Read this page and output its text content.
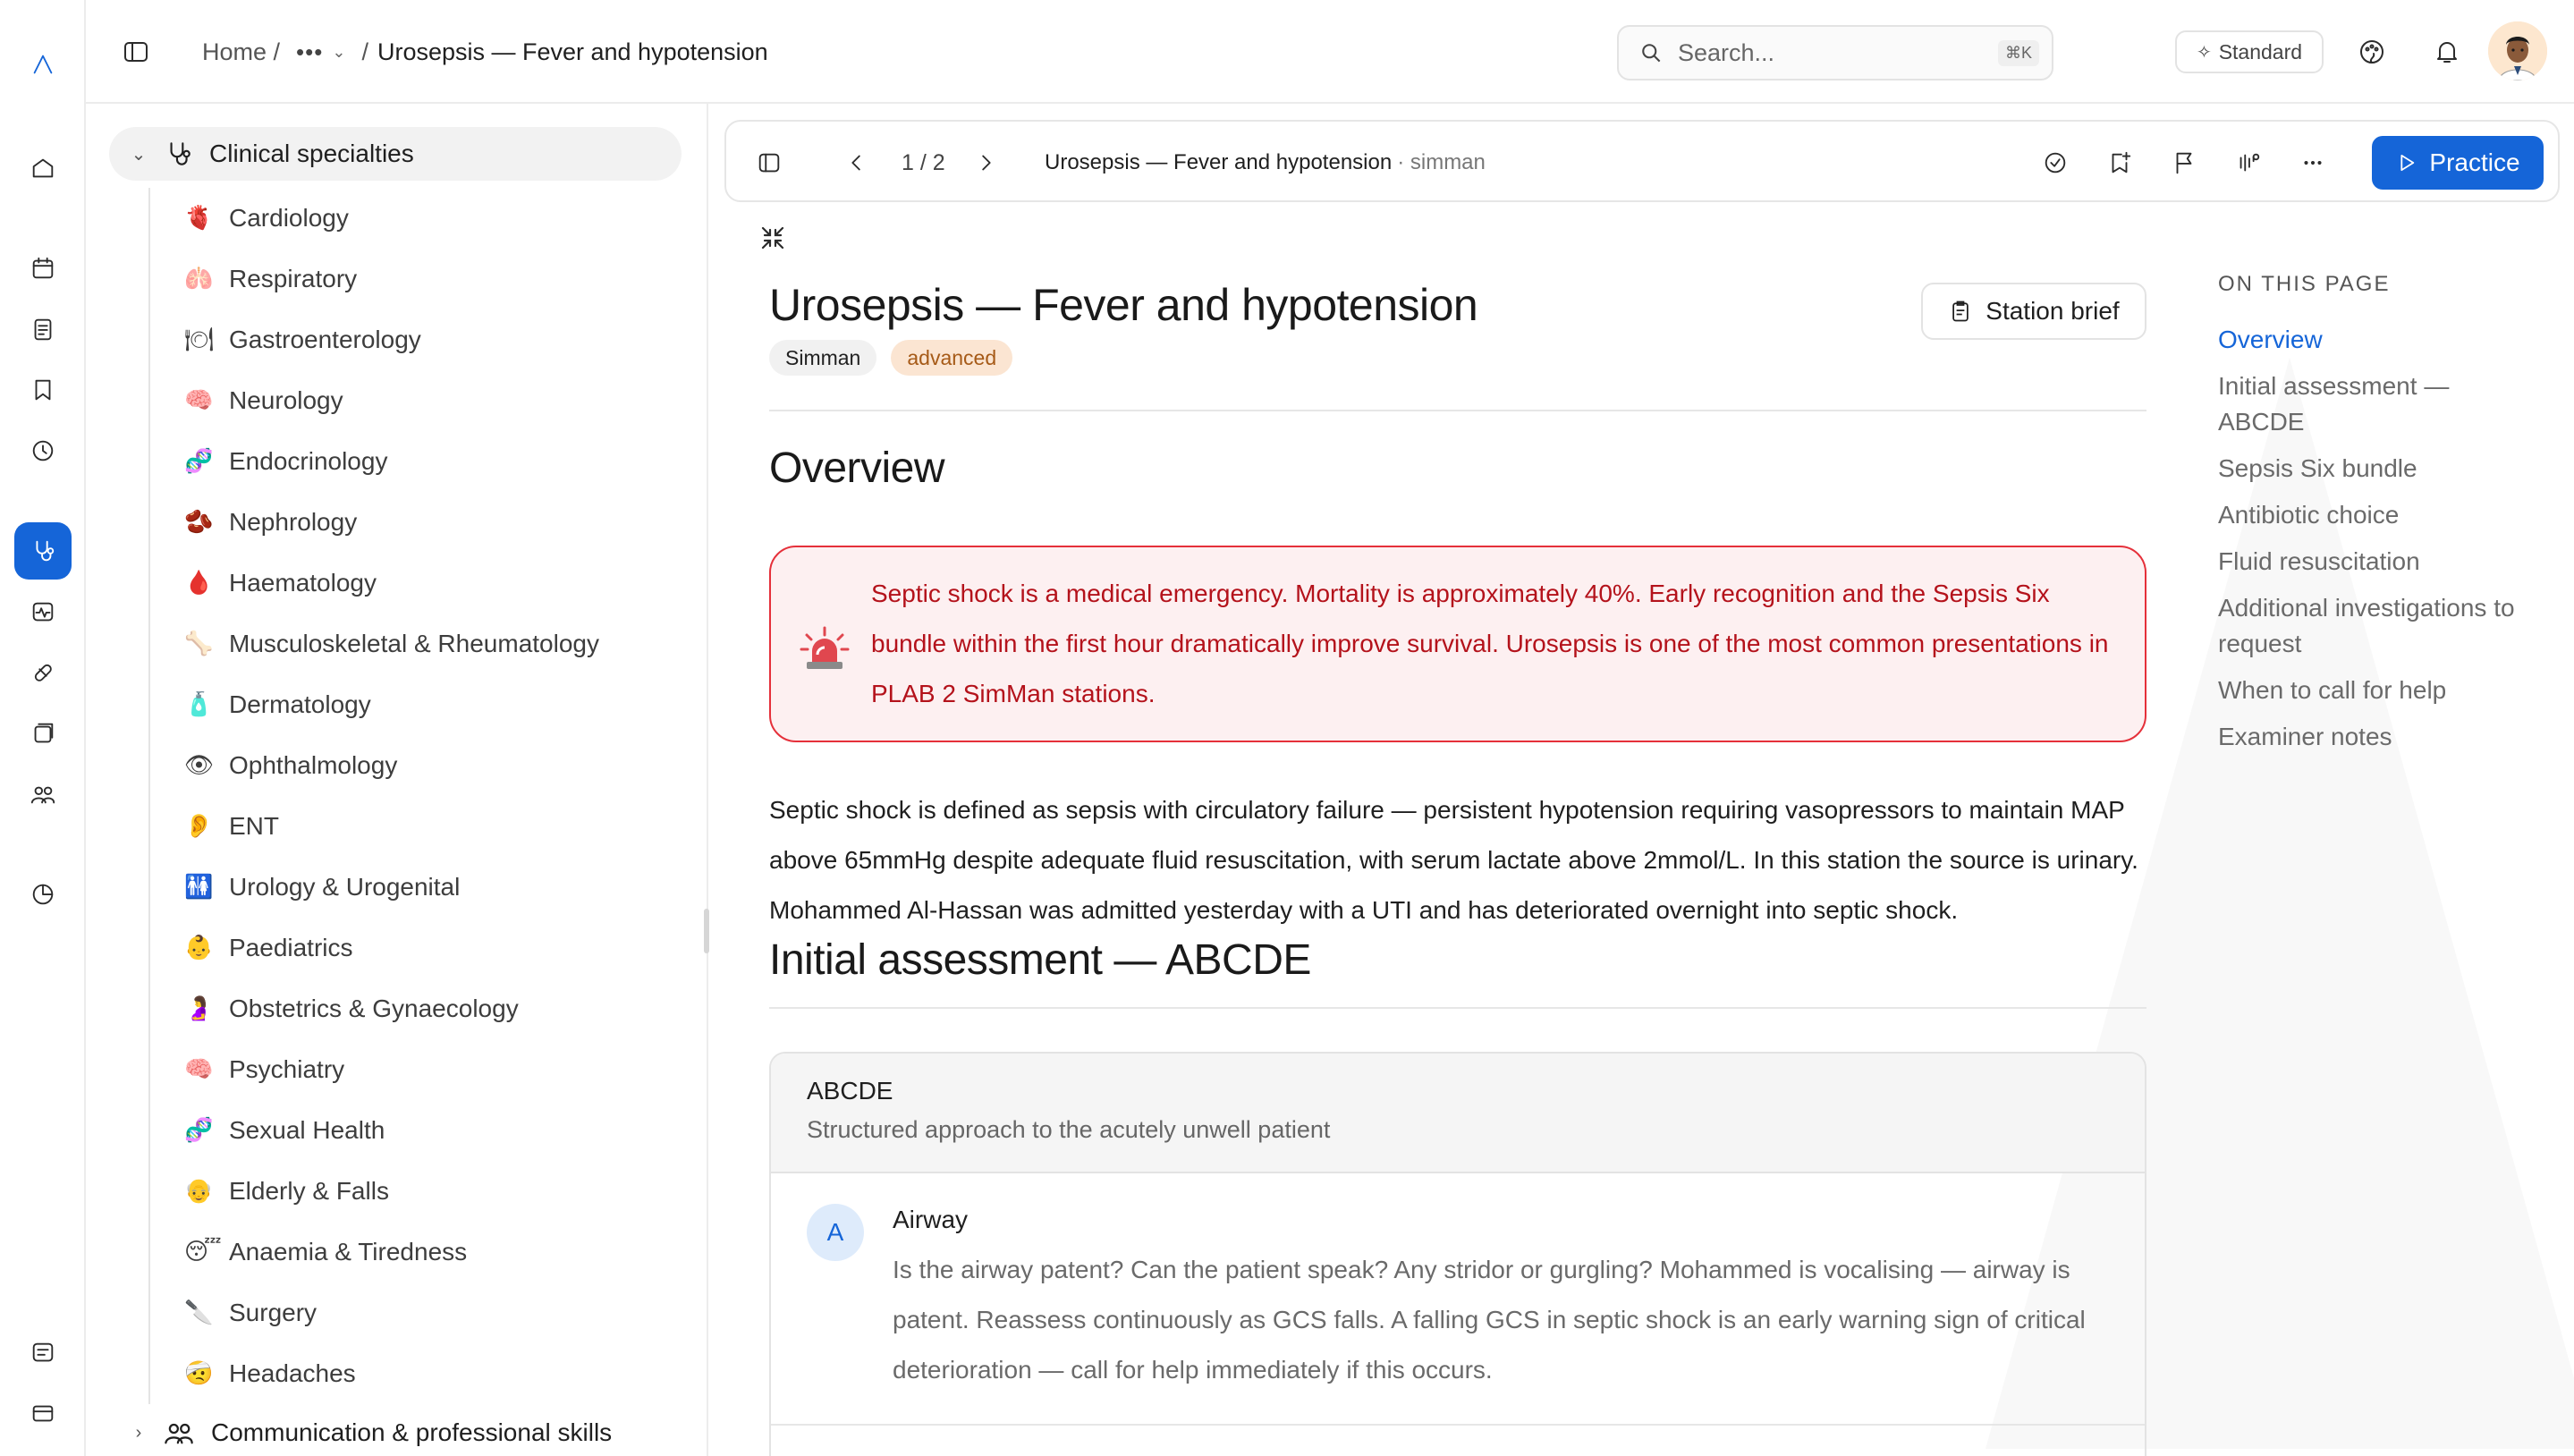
Home / ••• ⌄ / Urosepsis — Fever and hypotension	Search...	⌘K	✧ Standard
⌄	Clinical specialties
🫀 Cardiology
🫁 Respiratory
🍽 Gastroenterology
🧠 Neurology
🧬 Endocrinology
🫘 Nephrology
🩸 Haematology
🦴 Musculoskeletal & Rheumatology
🧴 Dermatology
👁 Ophthalmology
👂 ENT
🚻 Urology & Urogenital
👶 Paediatrics
🤰 Obstetrics & Gynaecology
🧠 Psychiatry
🧬 Sexual Health
👴 Elderly & Falls
😴 Anaemia & Tiredness
🔪 Surgery
🤕 Headaches
›	Communication & professional skills
1 / 2	Urosepsis — Fever and hypotension · simman	Practice
Urosepsis — Fever and hypotension
Simman	advanced
Station brief
Overview
Septic shock is a medical emergency. Mortality is approximately 40%. Early recognition and the Sepsis Six bundle within the first hour dramatically improve survival. Urosepsis is one of the most common presentations in PLAB 2 SimMan stations.
Septic shock is defined as sepsis with circulatory failure — persistent hypotension requiring vasopressors to maintain MAP above 65mmHg despite adequate fluid resuscitation, with serum lactate above 2mmol/L. In this station the source is urinary. Mohammed Al-Hassan was admitted yesterday with a UTI and has deteriorated overnight into septic shock.
Initial assessment — ABCDE
ABCDE
Structured approach to the acutely unwell patient
A	Airway
Is the airway patent? Can the patient speak? Any stridor or gurgling? Mohammed is vocalising — airway is patent. Reassess continuously as GCS falls. A falling GCS in septic shock is an early warning sign of critical deterioration — call for help immediately if this occurs.
ON THIS PAGE
Overview
Initial assessment — ABCDE
Sepsis Six bundle
Antibiotic choice
Fluid resuscitation
Additional investigations to request
When to call for help
Examiner notes
